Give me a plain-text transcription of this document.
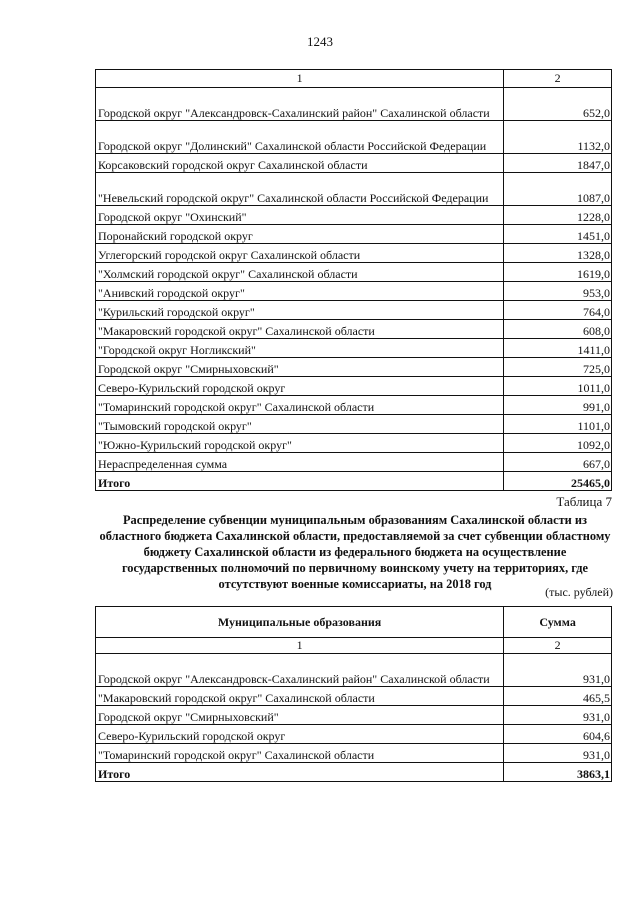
1243
1	2
Городской округ "Александровск-Сахалинский район" Сахалинской области	652,0
Городской округ "Долинский" Сахалинской области Российской Федерации	1132,0
Корсаковский городской округ Сахалинской области	1847,0
"Невельский городской округ" Сахалинской области Российской Федерации	1087,0
Городской округ "Охинский"	1228,0
Поронайский городской округ	1451,0
Углегорский городской округ Сахалинской области	1328,0
"Холмский городской округ" Сахалинской области	1619,0
"Анивский городской округ"	953,0
"Курильский городской округ"	764,0
"Макаровский городской округ" Сахалинской области	608,0
"Городской округ Ногликский"	1411,0
Городской округ "Смирныховский"	725,0
Северо-Курильский городской округ	1011,0
"Томаринский городской округ" Сахалинской области	991,0
"Тымовский городской округ"	1101,0
"Южно-Курильский городской округ"	1092,0
Нераспределенная сумма	667,0
Итого	25465,0
Таблица 7
Распределение субвенции муниципальным образованиям Сахалинской области из областного бюджета Сахалинской области, предоставляемой за счет субвенции областному бюджету Сахалинской области из федерального бюджета на осуществление государственных полномочий по первичному воинскому учету на территориях, где отсутствуют военные комиссариаты, на 2018 год
(тыс. рублей)
Муниципальные образования	Сумма
1	2
Городской округ "Александровск-Сахалинский район" Сахалинской области	931,0
"Макаровский городской округ" Сахалинской области	465,5
Городской округ "Смирныховский"	931,0
Северо-Курильский городской округ	604,6
"Томаринский городской округ" Сахалинской области	931,0
Итого	3863,1
